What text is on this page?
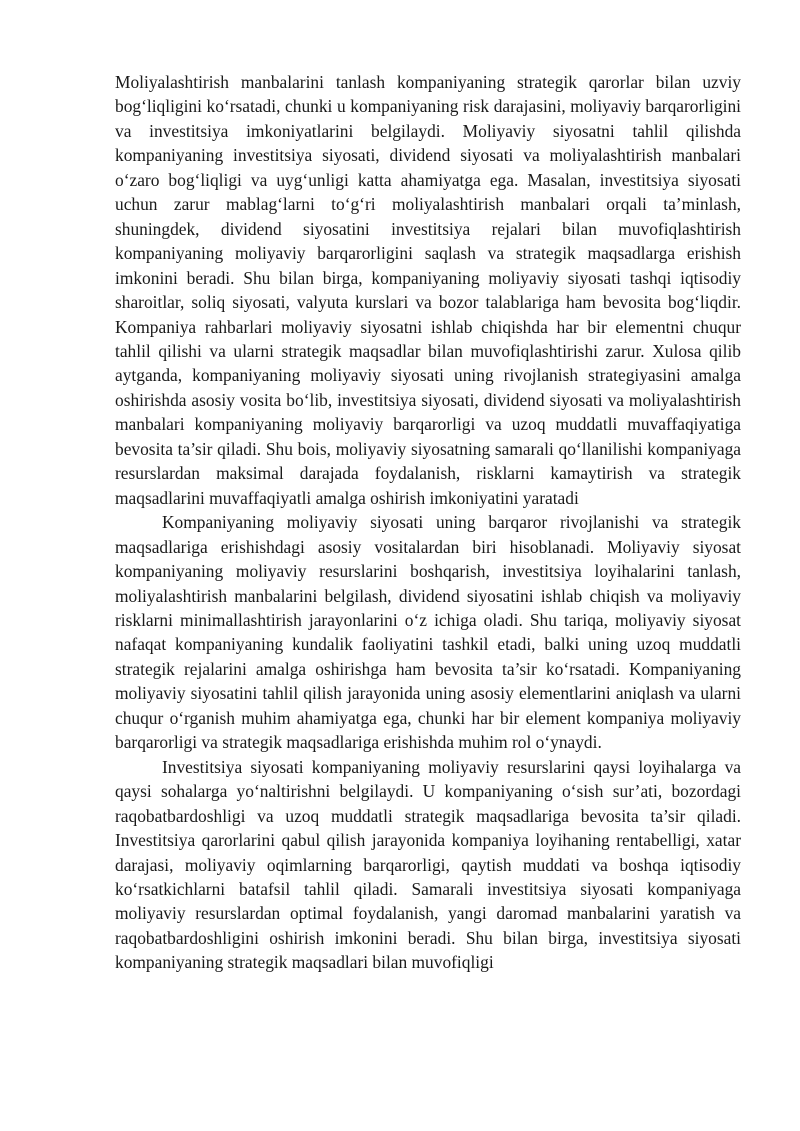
Moliyalashtirish manbalarini tanlash kompaniyaning strategik qarorlar bilan uzviy bog‘liqligini ko‘rsatadi, chunki u kompaniyaning risk darajasini, moliyaviy barqarorligini va investitsiya imkoniyatlarini belgilaydi. Moliyaviy siyosatni tahlil qilishda kompaniyaning investitsiya siyosati, dividend siyosati va moliyalashtirish manbalari o‘zaro bog‘liqligi va uyg‘unligi katta ahamiyatga ega. Masalan, investitsiya siyosati uchun zarur mablag‘larni to‘g‘ri moliyalashtirish manbalari orqali ta’minlash, shuningdek, dividend siyosatini investitsiya rejalari bilan muvofiqlashtirish kompaniyaning moliyaviy barqarorligini saqlash va strategik maqsadlarga erishish imkonini beradi. Shu bilan birga, kompaniyaning moliyaviy siyosati tashqi iqtisodiy sharoitlar, soliq siyosati, valyuta kurslari va bozor talablariga ham bevosita bog‘liqdir. Kompaniya rahbarlari moliyaviy siyosatni ishlab chiqishda har bir elementni chuqur tahlil qilishi va ularni strategik maqsadlar bilan muvofiqlashtirishi zarur. Xulosa qilib aytganda, kompaniyaning moliyaviy siyosati uning rivojlanish strategiyasini amalga oshirishda asosiy vosita bo‘lib, investitsiya siyosati, dividend siyosati va moliyalashtirish manbalari kompaniyaning moliyaviy barqarorligi va uzoq muddatli muvaffaqiyatiga bevosita ta’sir qiladi. Shu bois, moliyaviy siyosatning samarali qo‘llanilishi kompaniyaga resurslardan maksimal darajada foydalanish, risklarni kamaytirish va strategik maqsadlarini muvaffaqiyatli amalga oshirish imkoniyatini yaratadi

Kompaniyaning moliyaviy siyosati uning barqaror rivojlanishi va strategik maqsadlariga erishishdagi asosiy vositalardan biri hisoblanadi. Moliyaviy siyosat kompaniyaning moliyaviy resurslarini boshqarish, investitsiya loyihalarini tanlash, moliyalashtirish manbalarini belgilash, dividend siyosatini ishlab chiqish va moliyaviy risklarni minimallashtirish jarayonlarini o‘z ichiga oladi. Shu tariqa, moliyaviy siyosat nafaqat kompaniyaning kundalik faoliyatini tashkil etadi, balki uning uzoq muddatli strategik rejalarini amalga oshirishga ham bevosita ta’sir ko‘rsatadi. Kompaniyaning moliyaviy siyosatini tahlil qilish jarayonida uning asosiy elementlarini aniqlash va ularni chuqur o‘rganish muhim ahamiyatga ega, chunki har bir element kompaniya moliyaviy barqarorligi va strategik maqsadlariga erishishda muhim rol o‘ynaydi.

Investitsiya siyosati kompaniyaning moliyaviy resurslarini qaysi loyihalarga va qaysi sohalarga yo‘naltirishni belgilaydi. U kompaniyaning o‘sish sur’ati, bozordagi raqobatbardoshligi va uzoq muddatli strategik maqsadlariga bevosita ta’sir qiladi. Investitsiya qarorlarini qabul qilish jarayonida kompaniya loyihaning rentabelligi, xatar darajasi, moliyaviy oqimlarning barqarorligi, qaytish muddati va boshqa iqtisodiy ko‘rsatkichlarni batafsil tahlil qiladi. Samarali investitsiya siyosati kompaniyaga moliyaviy resurslardan optimal foydalanish, yangi daromad manbalarini yaratish va raqobatbardoshligini oshirish imkonini beradi. Shu bilan birga, investitsiya siyosati kompaniyaning strategik maqsadlari bilan muvofiqligi
